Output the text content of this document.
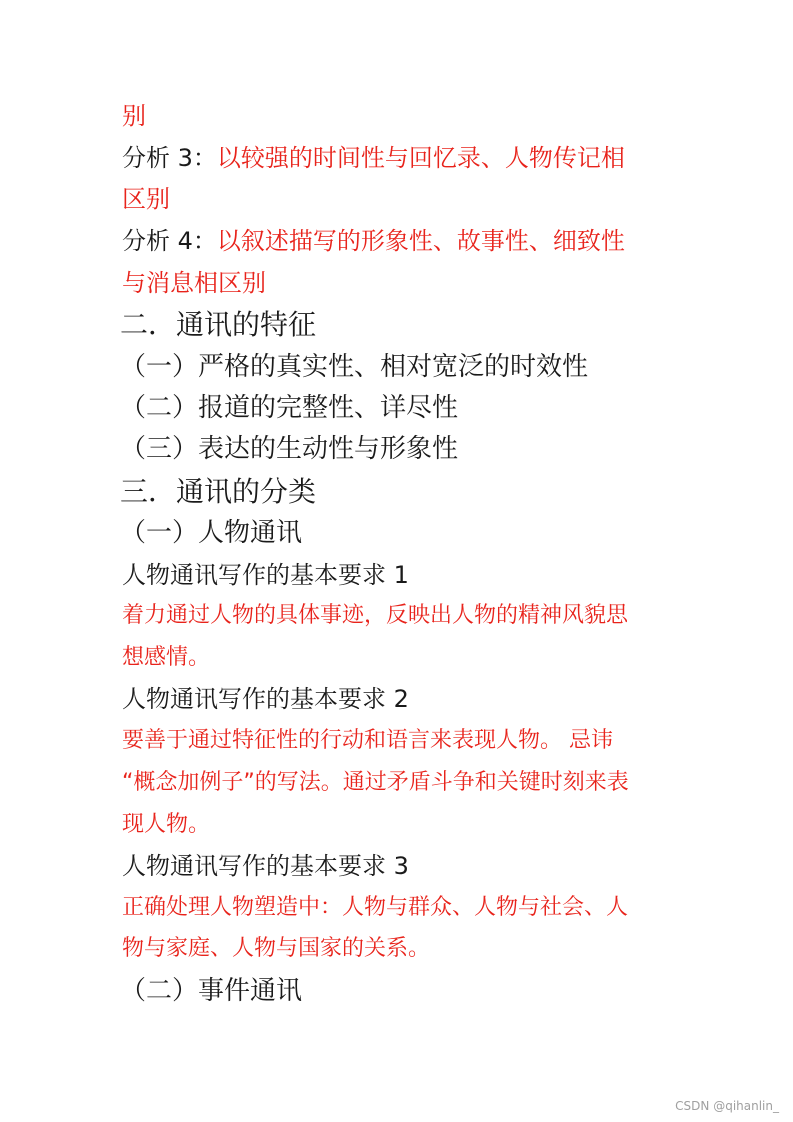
别
分析 3：以较强的时间性与回忆录、人物传记相
区别
分析 4：以叙述描写的形象性、故事性、细致性
与消息相区别
二．通讯的特征
（一）严格的真实性、相对宽泛的时效性
（二）报道的完整性、详尽性
（三）表达的生动性与形象性
三．通讯的分类
（一）人物通讯
人物通讯写作的基本要求 1
着力通过人物的具体事迹，反映出人物的精神风貌思
想感情。
人物通讯写作的基本要求 2
要善于通过特征性的行动和语言来表现人物。 忌讳
“概念加例子”的写法。通过矛盾斗争和关键时刻来表
现人物。
人物通讯写作的基本要求 3
正确处理人物塑造中：人物与群众、人物与社会、人
物与家庭、人物与国家的关系。
（二）事件通讯
CSDN @qihanlin_
